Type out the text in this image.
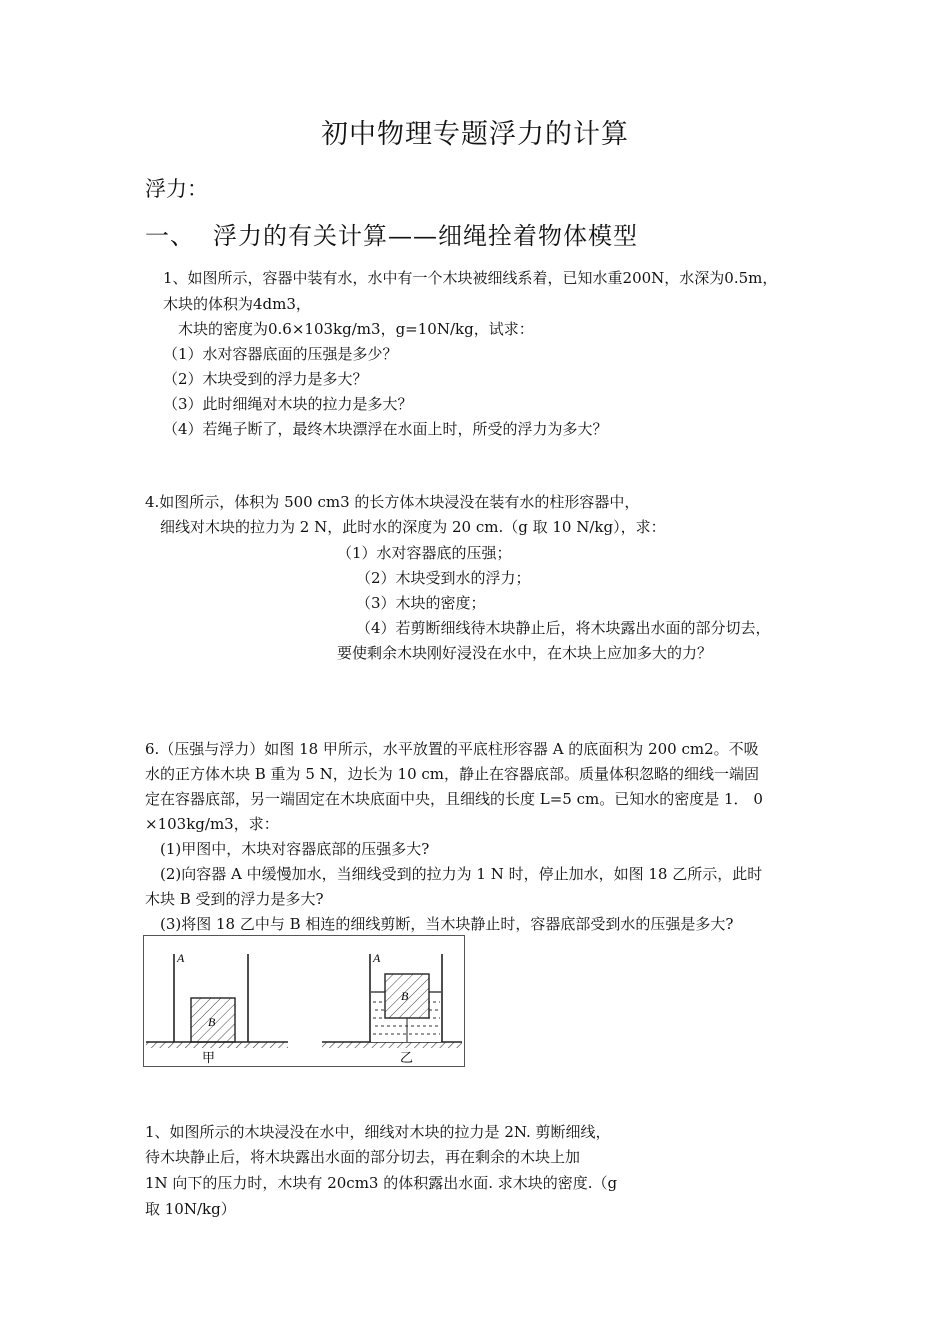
初中物理专题浮力的计算
浮力：
一、 浮力的有关计算——细绳拴着物体模型
1、如图所示，容器中装有水，水中有一个木块被细线系着，已知水重200N，水深为0.5m，
木块的体积为4dm3，
木块的密度为0.6×103kg/m3，g=10N/kg，试求：
（1）水对容器底面的压强是多少？
（2）木块受到的浮力是多大？
（3）此时细绳对木块的拉力是多大？
（4）若绳子断了，最终木块漂浮在水面上时，所受的浮力为多大？
4.如图所示，体积为 500 cm3 的长方体木块浸没在装有水的柱形容器中，
细线对木块的拉力为 2 N，此时水的深度为 20 cm.（g 取 10 N/kg），求：
（1）水对容器底的压强；
（2）木块受到水的浮力；
（3）木块的密度；
（4）若剪断细线待木块静止后，将木块露出水面的部分切去，
要使剩余木块刚好浸没在水中，在木块上应加多大的力？
6.（压强与浮力）如图 18 甲所示，水平放置的平底柱形容器 A 的底面积为 200 cm2。不吸
水的正方体木块 B 重为 5 N，边长为 10 cm，静止在容器底部。质量体积忽略的细线一端固
定在容器底部，另一端固定在木块底面中央，且细线的长度 L=5 cm。已知水的密度是 1． 0
×103kg/m3，求：
(1)甲图中，木块对容器底部的压强多大?
(2)向容器 A 中缓慢加水，当细线受到的拉力为 1 N 时，停止加水，如图 18 乙所示，此时
木块 B 受到的浮力是多大?
(3)将图 18 乙中与 B 相连的细线剪断，当木块静止时，容器底部受到水的压强是多大?
A
B
甲
A
B
乙
1、如图所示的木块浸没在水中，细线对木块的拉力是 2N. 剪断细线，
待木块静止后，将木块露出水面的部分切去，再在剩余的木块上加
1N 向下的压力时，木块有 20cm3 的体积露出水面. 求木块的密度.（g
取 10N/kg）
